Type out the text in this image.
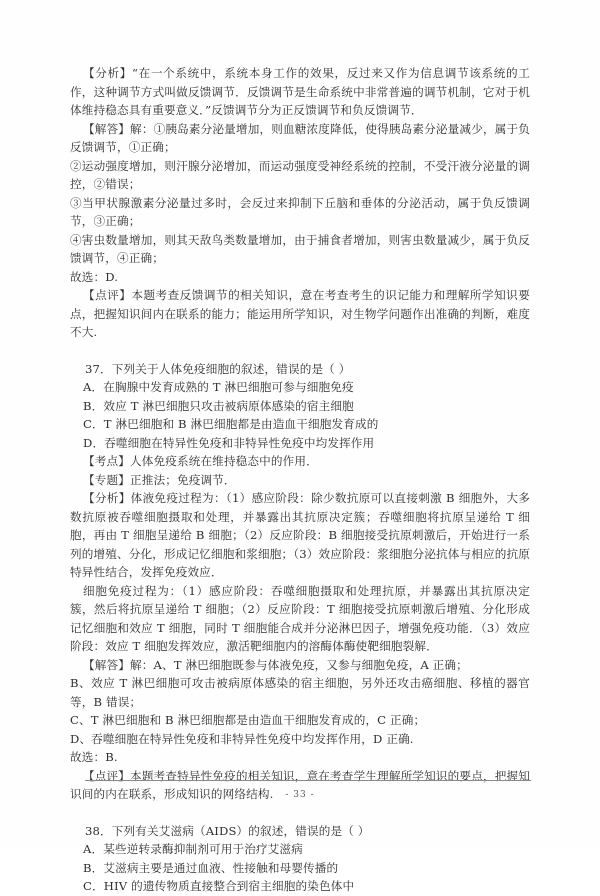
【分析】“在一个系统中，系统本身工作的效果，反过来又作为信息调节该系统的工作，这种调节方式叫做反馈调节．反馈调节是生命系统中非常普遍的调节机制，它对于机体维持稳态具有重要意义．”反馈调节分为正反馈调节和负反馈调节．

【解答】解：①胰岛素分泌量增加，则血糖浓度降低，使得胰岛素分泌量减少，属于负反馈调节，①正确；

②运动强度增加，则汗腺分泌增加，而运动强度受神经系统的控制，不受汗液分泌量的调控，②错误；

③当甲状腺激素分泌量过多时，会反过来抑制下丘脑和垂体的分泌活动，属于负反馈调节，③正确；

④害虫数量增加，则其天敌鸟类数量增加，由于捕食者增加，则害虫数量减少，属于负反馈调节，④正确；

故选：D.

【点评】本题考查反馈调节的相关知识，意在考查考生的识记能力和理解所学知识要点，把握知识间内在联系的能力；能运用所学知识，对生物学问题作出准确的判断，难度不大.

37．下列关于人体免疫细胞的叙述，错误的是（ ）

A．在胸腺中发育成熟的 T 淋巴细胞可参与细胞免疫

B．效应 T 淋巴细胞只攻击被病原体感染的宿主细胞

C．T 淋巴细胞和 B 淋巴细胞都是由造血干细胞发育成的

D．吞噬细胞在特异性免疫和非特异性免疫中均发挥作用

【考点】人体免疫系统在维持稳态中的作用．

【专题】正推法；免疫调节．

【分析】体液免疫过程为：（1）感应阶段：除少数抗原可以直接刺激 B 细胞外，大多数抗原被吞噬细胞摄取和处理，并暴露出其抗原决定簇；吞噬细胞将抗原呈递给 T 细胞，再由 T 细胞呈递给 B 细胞；（2）反应阶段：B 细胞接受抗原刺激后，开始进行一系列的增殖、分化，形成记忆细胞和浆细胞；（3）效应阶段：浆细胞分泌抗体与相应的抗原特异性结合，发挥免疫效应．

细胞免疫过程为：（1）感应阶段：吞噬细胞摄取和处理抗原，并暴露出其抗原决定簇，然后将抗原呈递给 T 细胞；（2）反应阶段：T 细胞接受抗原刺激后增殖、分化形成记忆细胞和效应 T 细胞，同时 T 细胞能合成并分泌淋巴因子，增强免疫功能．（3）效应阶段：效应 T 细胞发挥效应，激活靶细胞内的溶酶体酶使靶细胞裂解．

【解答】解：A、T 淋巴细胞既参与体液免疫，又参与细胞免疫，A 正确；

B、效应 T 淋巴细胞可攻击被病原体感染的宿主细胞，另外还攻击癌细胞、移植的器官等，B 错误；

C、T 淋巴细胞和 B 淋巴细胞都是由造血干细胞发育成的，C 正确；

D、吞噬细胞在特异性免疫和非特异性免疫中均发挥作用，D 正确.

故选：B.

【点评】本题考查特异性免疫的相关知识，意在考查学生理解所学知识的要点，把握知识间的内在联系，形成知识的网络结构.

38．下列有关艾滋病（AIDS）的叙述，错误的是（ ）

A．某些逆转录酶抑制剂可用于治疗艾滋病

B．艾滋病主要是通过血液、性接触和母婴传播的

C．HIV 的遗传物质直接整合到宿主细胞的染色体中

- 33 -
